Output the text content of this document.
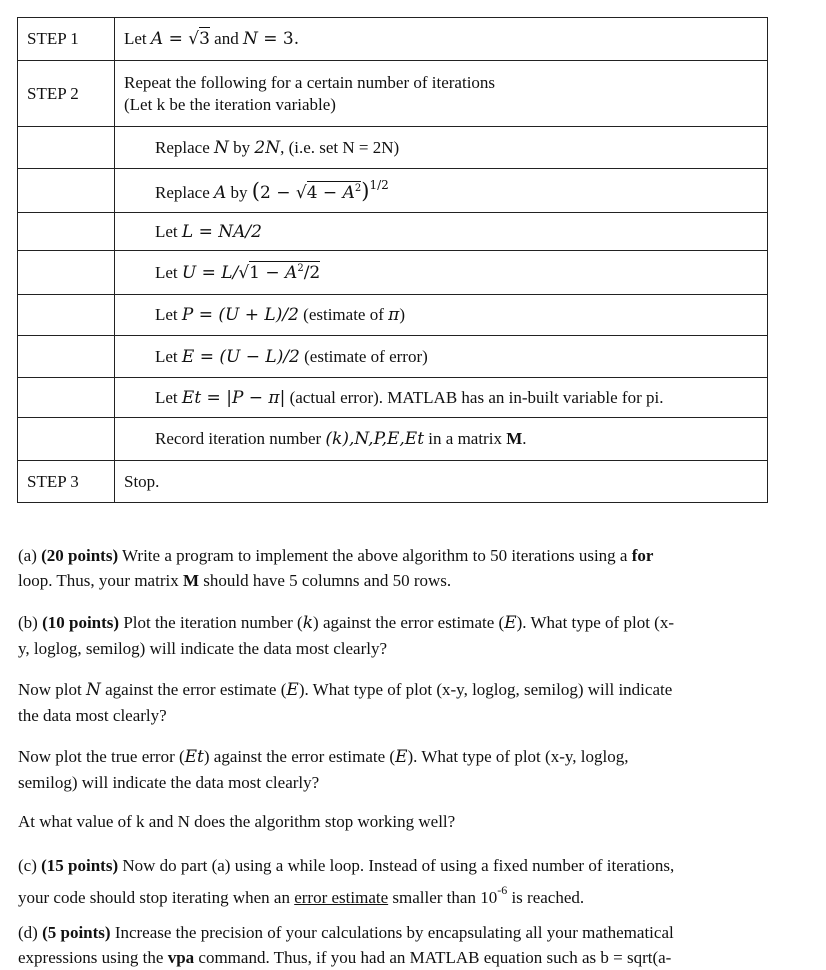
STEP 1	Let A = √3 and N = 3.
STEP 2	Repeat the following for a certain number of iterations
(Let k be the iteration variable)

	Replace N by 2N, (i.e. set N = 2N)
	Replace A by $(2 - √4 - A^2)^{1/2}$
	Let L = NA/2
	Let $U = L/√1 - A^2/2$
	Let P = (U + L)/2 (estimate of π)
	Let E = (U − L)/2 (estimate of error)
	Let Et = |P − π| (actual error). MATLAB has an in-built variable for pi.
	Record iteration number (k),N,P,E,Et in a matrix M.
STEP 3	Stop.

(a) (20 points) Write a program to implement the above algorithm to 50 iterations using a for
loop. Thus, your matrix M should have 5 columns and 50 rows.

(b) (10 points) Plot the iteration number (k) against the error estimate (E). What type of plot (x-
y, loglog, semilog) will indicate the data most clearly?

Now plot N against the error estimate (E). What type of plot (x-y, loglog, semilog) will indicate
the data most clearly?

Now plot the true error (Et) against the error estimate (E). What type of plot (x-y, loglog,
semilog) will indicate the data most clearly?

At what value of k and N does the algorithm stop working well?

(c) (15 points) Now do part (a) using a while loop. Instead of using a fixed number of iterations,
your code should stop iterating when an error estimate smaller than $10^{-6}$ is reached.

(d) (5 points) Increase the precision of your calculations by encapsulating all your mathematical
expressions using the vpa command. Thus, if you had an MATLAB equation such as b = sqrt(a-
